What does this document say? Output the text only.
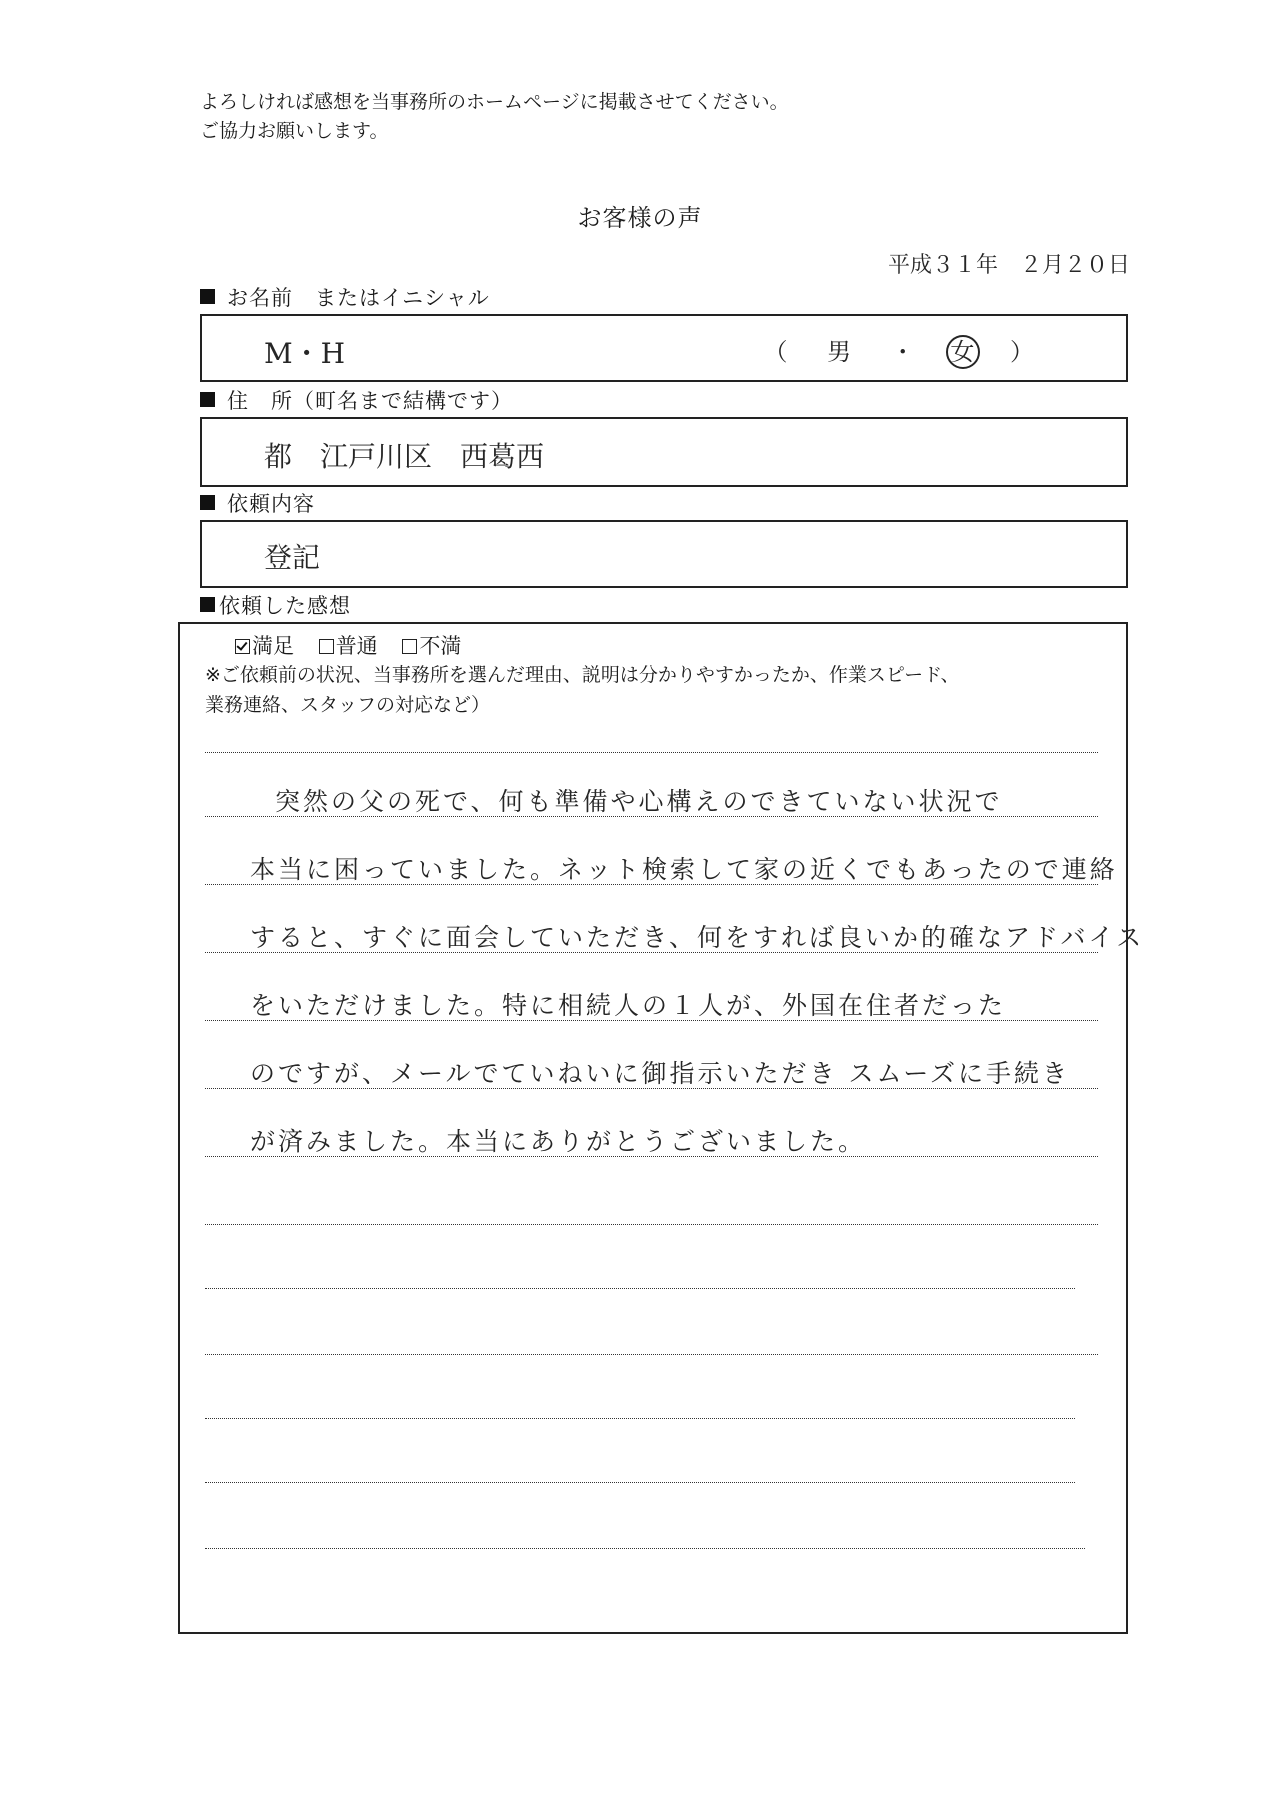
よろしければ感想を当事務所のホームページに掲載させてください。
ご協力お願いします。
お客様の声
平成３１年　２月２０日
お名前　またはイニシャル
M・H	（ 男 ・ 女 ）
住　所（町名まで結構です）
都　江戸川区　西葛西
依頼内容
登記
依頼した感想
満足 普通 不満
※ご依頼前の状況、当事務所を選んだ理由、説明は分かりやすかったか、作業スピード、
業務連絡、スタッフの対応など）
突然の父の死で、何も準備や心構えのできていない状況で
本当に困っていました。ネット検索して家の近くでもあったので連絡
すると、すぐに面会していただき、何をすれば良いか的確なアドバイス
をいただけました。特に相続人の１人が、外国在住者だった
のですが、メールでていねいに御指示いただき スムーズに手続き
が済みました。本当にありがとうございました。
